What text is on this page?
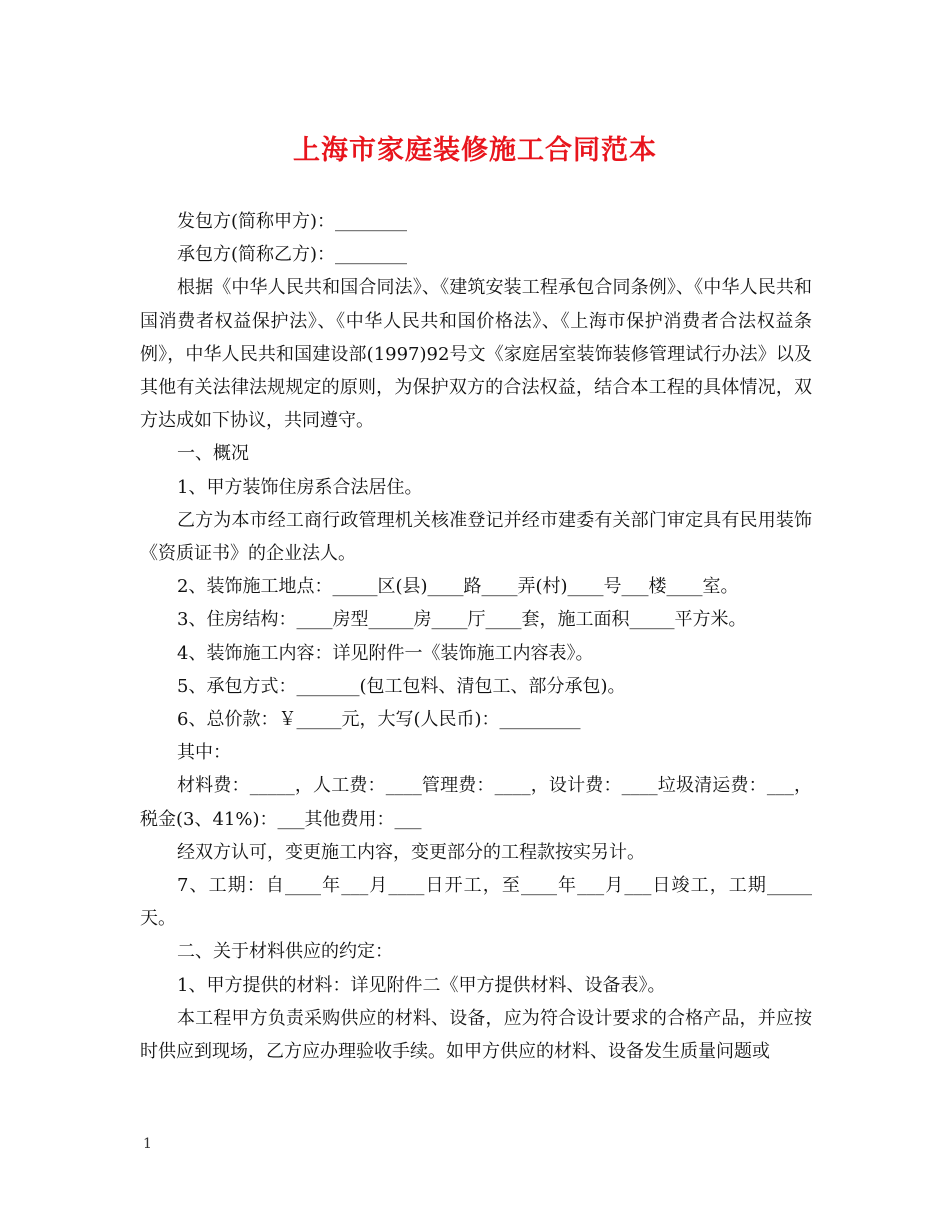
上海市家庭装修施工合同范本

发包方(简称甲方)：________

承包方(简称乙方)：________

根据《中华人民共和国合同法》、《建筑安装工程承包合同条例》、《中华人民共和国消费者权益保护法》、《中华人民共和国价格法》、《上海市保护消费者合法权益条例》，中华人民共和国建设部(1997)92号文《家庭居室装饰装修管理试行办法》以及其他有关法律法规规定的原则，为保护双方的合法权益，结合本工程的具体情况，双方达成如下协议，共同遵守。

一、概况

1、甲方装饰住房系合法居住。

乙方为本市经工商行政管理机关核准登记并经市建委有关部门审定具有民用装饰《资质证书》的企业法人。

2、装饰施工地点：_____区(县)____路____弄(村)____号___楼____室。

3、住房结构：____房型_____房____厅____套，施工面积_____平方米。

4、装饰施工内容：详见附件一《装饰施工内容表》。

5、承包方式：_______(包工包料、清包工、部分承包)。

6、总价款：￥_____元，大写(人民币)：_________

其中：

材料费：_____，人工费：____管理费：____，设计费：____垃圾清运费：___，税金(3、41%)：___其他费用：___

经双方认可，变更施工内容，变更部分的工程款按实另计。

7、工期：自____年___月____日开工，至____年___月___日竣工，工期_____天。

二、关于材料供应的约定：

1、甲方提供的材料：详见附件二《甲方提供材料、设备表》。

本工程甲方负责采购供应的材料、设备，应为符合设计要求的合格产品，并应按时供应到现场，乙方应办理验收手续。如甲方供应的材料、设备发生质量问题或

1
